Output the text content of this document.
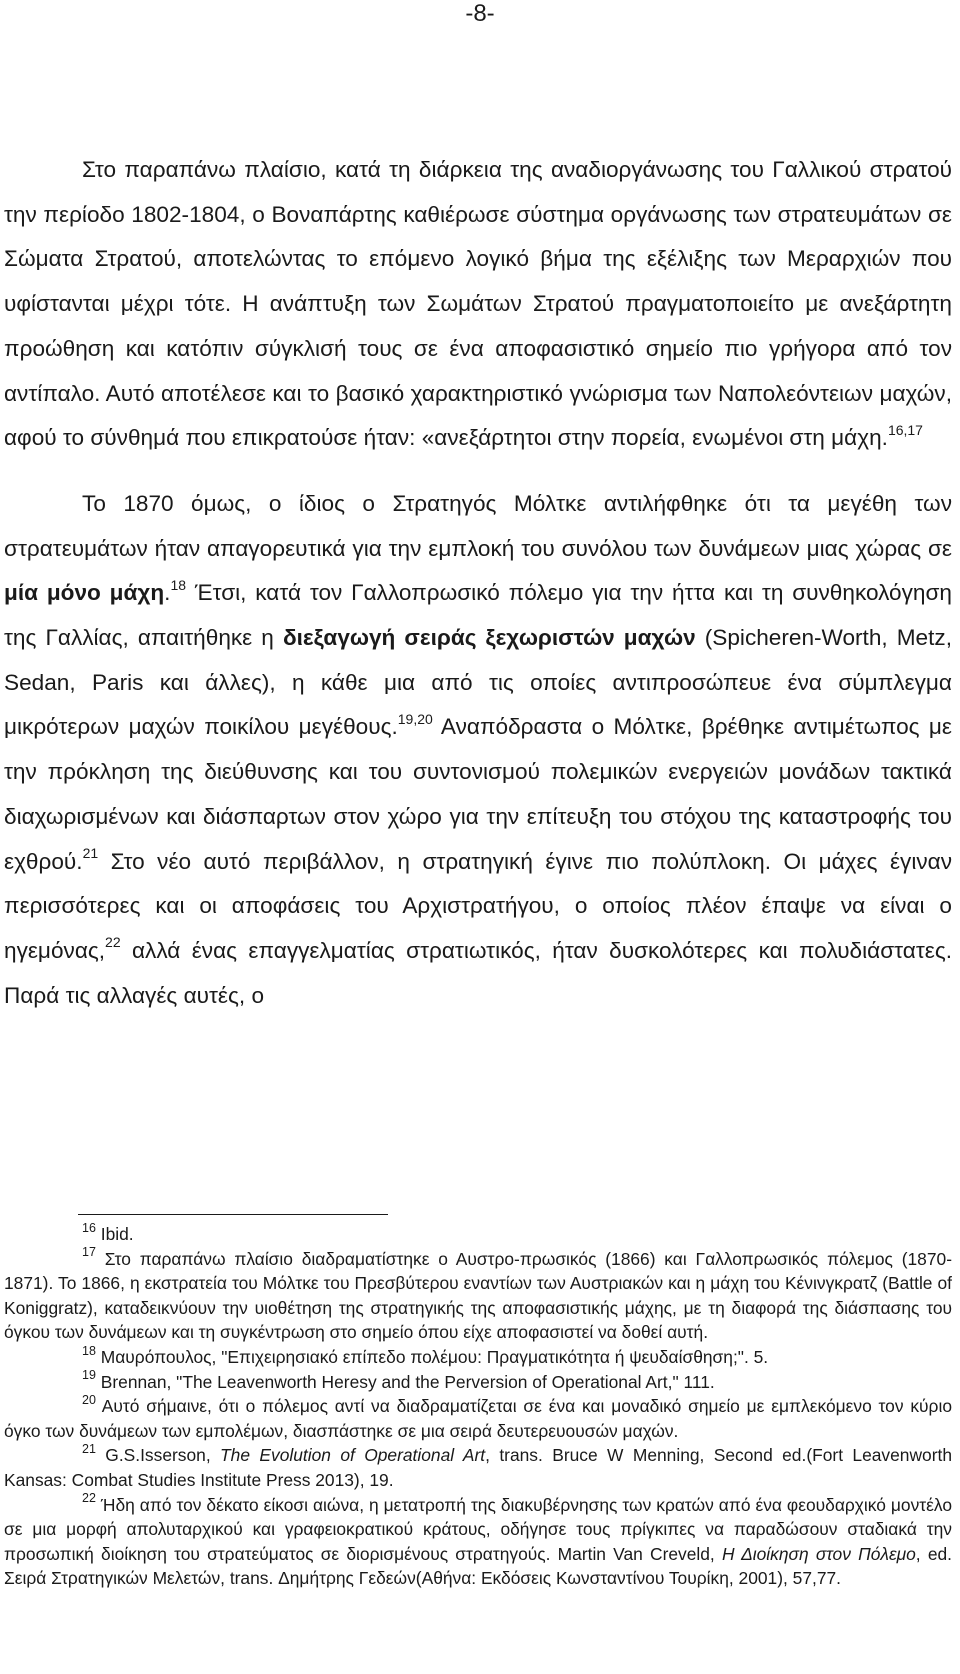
-8-

Στο παραπάνω πλαίσιο, κατά τη διάρκεια της αναδιοργάνωσης του Γαλλικού στρατού την περίοδο 1802-1804, ο Βοναπάρτης καθιέρωσε σύστημα οργάνωσης των στρατευμάτων σε Σώματα Στρατού, αποτελώντας το επόμενο λογικό βήμα της εξέλιξης των Μεραρχιών που υφίστανται μέχρι τότε. Η ανάπτυξη των Σωμάτων Στρατού πραγματοποιείτο με ανεξάρτητη προώθηση και κατόπιν σύγκλισή τους σε ένα αποφασιστικό σημείο πιο γρήγορα από τον αντίπαλο. Αυτό αποτέλεσε και το βασικό χαρακτηριστικό γνώρισμα των Ναπολεόντειων μαχών, αφού το σύνθημά που επικρατούσε ήταν: «ανεξάρτητοι στην πορεία, ενωμένοι στη μάχη.$^{16,17}$

Το 1870 όμως, ο ίδιος ο Στρατηγός Μόλτκε αντιλήφθηκε ότι τα μεγέθη των στρατευμάτων ήταν απαγορευτικά για την εμπλοκή του συνόλου των δυνάμεων μιας χώρας σε μία μόνο μάχη.$^{18}$ Έτσι, κατά τον Γαλλοπρωσικό πόλεμο για την ήττα και τη συνθηκολόγηση της Γαλλίας, απαιτήθηκε η διεξαγωγή σειράς ξεχωριστών μαχών (Spicheren-Worth, Metz, Sedan, Paris και άλλες), η κάθε μια από τις οποίες αντιπροσώπευε ένα σύμπλεγμα μικρότερων μαχών ποικίλου μεγέθους.$^{19,20}$ Αναπόδραστα ο Μόλτκε, βρέθηκε αντιμέτωπος με την πρόκληση της διεύθυνσης και του συντονισμού πολεμικών ενεργειών μονάδων τακτικά διαχωρισμένων και διάσπαρτων στον χώρο για την επίτευξη του στόχου της καταστροφής του εχθρού.$^{21}$ Στο νέο αυτό περιβάλλον, η στρατηγική έγινε πιο πολύπλοκη. Οι μάχες έγιναν περισσότερες και οι αποφάσεις του Αρχιστρατήγου, ο οποίος πλέον έπαψε να είναι ο ηγεμόνας,$^{22}$ αλλά ένας επαγγελματίας στρατιωτικός, ήταν δυσκολότερες και πολυδιάστατες. Παρά τις αλλαγές αυτές, ο

$^{16}$ Ibid.

$^{17}$ Στο παραπάνω πλαίσιο διαδραματίστηκε ο Αυστρο-πρωσικός (1866) και Γαλλοπρωσικός πόλεμος (1870-1871). Το 1866, η εκστρατεία του Μόλτκε του Πρεσβύτερου εναντίων των Αυστριακών και η μάχη του Κένινγκρατζ (Battle of Koniggratz), καταδεικνύουν την υιοθέτηση της στρατηγικής της αποφασιστικής μάχης, με τη διαφορά της διάσπασης του όγκου των δυνάμεων και τη συγκέντρωση στο σημείο όπου είχε αποφασιστεί να δοθεί αυτή.

$^{18}$ Μαυρόπουλος, "Επιχειρησιακό επίπεδο πολέμου: Πραγματικότητα ή ψευδαίσθηση;". 5.

$^{19}$ Brennan, "The Leavenworth Heresy and the Perversion of Operational Art," 111.

$^{20}$ Αυτό σήμαινε, ότι ο πόλεμος αντί να διαδραματίζεται σε ένα και μοναδικό σημείο με εμπλεκόμενο τον κύριο όγκο των δυνάμεων των εμπολέμων, διασπάστηκε σε μια σειρά δευτερευουσών μαχών.

$^{21}$ G.S.Isserson, The Evolution of Operational Art, trans. Bruce W Menning, Second ed.(Fort Leavenworth Kansas: Combat Studies Institute Press 2013), 19.

$^{22}$ Ήδη από τον δέκατο είκοσι αιώνα, η μετατροπή της διακυβέρνησης των κρατών από ένα φεουδαρχικό μοντέλο σε μια μορφή απολυταρχικού και γραφειοκρατικού κράτους, οδήγησε τους πρίγκιπες να παραδώσουν σταδιακά την προσωπική διοίκηση του στρατεύματος σε διορισμένους στρατηγούς. Martin Van Creveld, Η Διοίκηση στον Πόλεμο, ed. Σειρά Στρατηγικών Μελετών, trans. Δημήτρης Γεδεών(Αθήνα: Εκδόσεις Κωνσταντίνου Τουρίκη, 2001), 57,77.
